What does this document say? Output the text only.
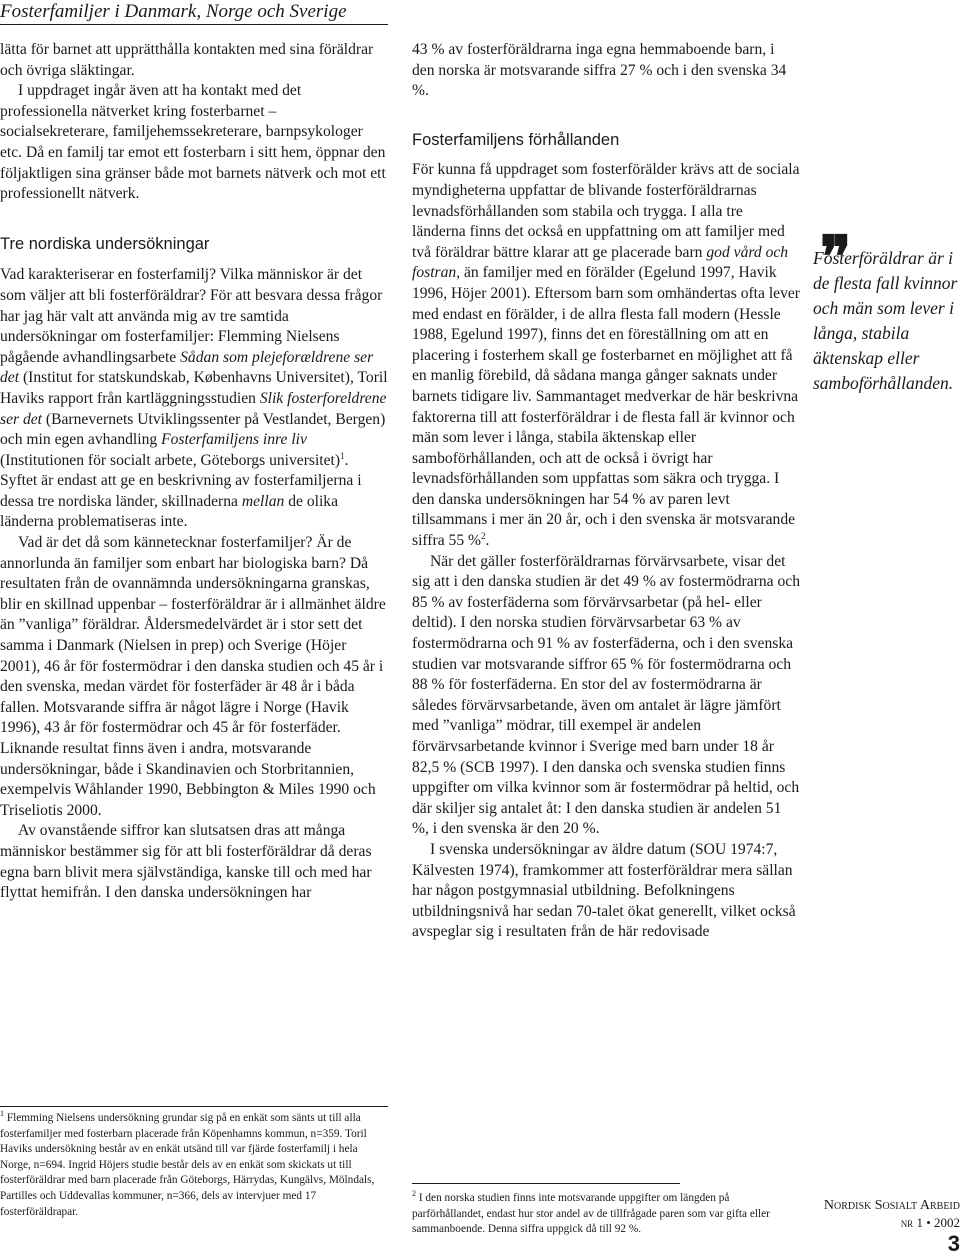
Fosterfamiljer i Danmark, Norge och Sverige

lätta för barnet att upprätthålla kontakten med sina föräldrar och övriga släktingar.

I uppdraget ingår även att ha kontakt med det professionella nätverket kring fosterbarnet – socialsekreterare, familjehemssekreterare, barnpsykologer etc. Då en familj tar emot ett fosterbarn i sitt hem, öppnar den följaktligen sina gränser både mot barnets nätverk och mot ett professionellt nätverk.

Tre nordiska undersökningar

Vad karakteriserar en fosterfamilj? Vilka människor är det som väljer att bli fosterföräldrar? För att besvara dessa frågor har jag här valt att använda mig av tre samtida undersökningar om fosterfamiljer: Flemming Nielsens pågående avhandlingsarbete Sådan som plejeforældrene ser det (Institut for statskundskab, Københavns Universitet), Toril Haviks rapport från kartläggningsstudien Slik fosterforeldrene ser det (Barnevernets Utviklingssenter på Vestlandet, Bergen) och min egen avhandling Fosterfamiljens inre liv (Institutionen för socialt arbete, Göteborgs universitet)$^1$. Syftet är endast att ge en beskrivning av fosterfamiljerna i dessa tre nordiska länder, skillnaderna mellan de olika länderna problematiseras inte.

Vad är det då som kännetecknar fosterfamiljer? Är de annorlunda än familjer som enbart har biologiska barn? Då resultaten från de ovannämnda undersökningarna granskas, blir en skillnad uppenbar – fosterföräldrar är i allmänhet äldre än ”vanliga” föräldrar. Åldersmedelvärdet är i stor sett det samma i Danmark (Nielsen in prep) och Sverige (Höjer 2001), 46 år för fostermödrar i den danska studien och 45 år i den svenska, medan värdet för fosterfäder är 48 år i båda fallen. Motsvarande siffra är något lägre i Norge (Havik 1996), 43 år för fostermödrar och 45 år för fosterfäder. Liknande resultat finns även i andra, motsvarande undersökningar, både i Skandinavien och Storbritannien, exempelvis Wåhlander 1990, Bebbington & Miles 1990 och Triseliotis 2000.

Av ovanstående siffror kan slutsatsen dras att många människor bestämmer sig för att bli fosterföräldrar då deras egna barn blivit mera självständiga, kanske till och med har flyttat hemifrån. I den danska undersökningen har

43 % av fosterföräldrarna inga egna hemmaboende barn, i den norska är motsvarande siffra 27 % och i den svenska 34 %.

Fosterfamiljens förhållanden

För kunna få uppdraget som fosterförälder krävs att de sociala myndigheterna uppfattar de blivande fosterföräldrarnas levnadsförhållanden som stabila och trygga. I alla tre länderna finns det också en uppfattning om att familjer med två föräldrar bättre klarar att ge placerade barn god vård och fostran, än familjer med en förälder (Egelund 1997, Havik 1996, Höjer 2001). Eftersom barn som omhändertas ofta lever med endast en förälder, i de allra flesta fall modern (Hessle 1988, Egelund 1997), finns det en föreställning om att en placering i fosterhem skall ge fosterbarnet en möjlighet att få en manlig förebild, då sådana manga gånger saknats under barnets tidigare liv. Sammantaget medverkar de här beskrivna faktorerna till att fosterföräldrar i de flesta fall är kvinnor och män som lever i långa, stabila äktenskap eller samboförhållanden, och att de också i övrigt har levnadsförhållanden som uppfattas som säkra och trygga. I den danska undersökningen har 54 % av paren levt tillsammans i mer än 20 år, och i den svenska är motsvarande siffra 55 %$^2$.

När det gäller fosterföräldrarnas förvärvsarbete, visar det sig att i den danska studien är det 49 % av fostermödrarna och 85 % av fosterfäderna som förvärvsarbetar (på hel- eller deltid). I den norska studien förvärvsarbetar 63 % av fostermödrarna och 91 % av fosterfäderna, och i den svenska studien var motsvarande siffror 65 % för fostermödrarna och 88 % för fosterfäderna. En stor del av fostermödrarna är således förvärvsarbetande, även om antalet är lägre jämfört med ”vanliga” mödrar, till exempel är andelen förvärvsarbetande kvinnor i Sverige med barn under 18 år 82,5 % (SCB 1997). I den danska och svenska studien finns uppgifter om vilka kvinnor som är fostermödrar på heltid, och där skiljer sig antalet åt: I den danska studien är andelen 51 %, i den svenska är den 20 %.

I svenska undersökningar av äldre datum (SOU 1974:7, Kälvesten 1974), framkommer att fosterföräldrar mera sällan har någon postgymnasial utbildning. Befolkningens utbildningsnivå har sedan 70-talet ökat generellt, vilket också avspeglar sig i resultaten från de här redovisade

❞
Fosterföräldrar är i de flesta fall kvinnor och män som lever i långa, stabila äktenskap eller samboförhållanden.

$^1$ Flemming Nielsens undersökning grundar sig på en enkät som sänts ut till alla fosterfamiljer med fosterbarn placerade från Köpenhamns kommun, n=359. Toril Haviks undersökning består av en enkät utsänd till var fjärde fosterfamilj i hela Norge, n=694. Ingrid Höjers studie består dels av en enkät som skickats ut till fosterföräldrar med barn placerade från Göteborgs, Härrydas, Kungälvs, Mölndals, Partilles och Uddevallas kommuner, n=366, dels av intervjuer med 17 fosterföräldrapar.

$^2$ I den norska studien finns inte motsvarande uppgifter om längden på parförhållandet, endast hur stor andel av de tillfrågade paren som var gifta eller sammanboende. Denna siffra uppgick då till 92 %.

Nordisk Sosialt Arbeid
nr 1 • 2002
3
